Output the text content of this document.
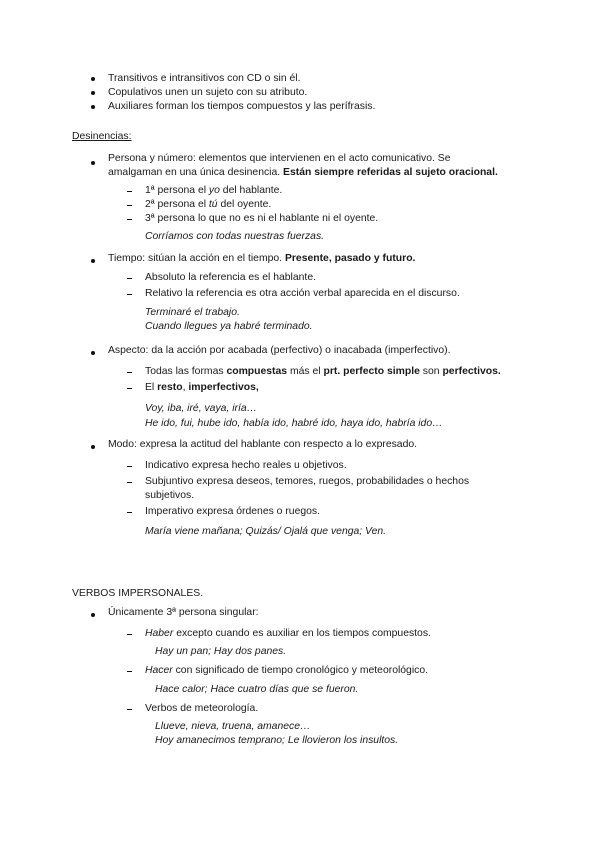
Transitivos e intransitivos con CD o sin él.
Copulativos unen un sujeto con su atributo.
Auxiliares forman los tiempos compuestos y las perífrasis.
Desinencias:
Persona y número: elementos que intervienen en el acto comunicativo. Se
amalgaman en una única desinencia. Están siempre referidas al sujeto oracional.
1ª persona el yo del hablante.
2ª persona el tú del oyente.
3ª persona lo que no es ni el hablante ni el oyente.
Corríamos con todas nuestras fuerzas.
Tiempo: sitúan la acción en el tiempo. Presente, pasado y futuro.
Absoluto la referencia es el hablante.
Relativo la referencia es otra acción verbal aparecida en el discurso.
Terminaré el trabajo.
Cuando llegues ya habré terminado.
Aspecto: da la acción por acabada (perfectivo) o inacabada (imperfectivo).
Todas las formas compuestas más el prt. perfecto simple son perfectivos.
El resto, imperfectivos,
Voy, iba, iré, vaya, iría…
He ido, fui, hube ido, había ido, habré ido, haya ido, habría ido…
Modo: expresa la actitud del hablante con respecto a lo expresado.
Indicativo expresa hecho reales u objetivos.
Subjuntivo expresa deseos, temores, ruegos, probabilidades o hechos
subjetivos.
Imperativo expresa órdenes o ruegos.
María viene mañana; Quizás/ Ojalá que venga; Ven.
VERBOS IMPERSONALES.
Únicamente 3ª persona singular:
Haber excepto cuando es auxiliar en los tiempos compuestos.
Hay un pan; Hay dos panes.
Hacer con significado de tiempo cronológico y meteorológico.
Hace calor; Hace cuatro días que se fueron.
Verbos de meteorología.
Llueve, nieva, truena, amanece…
Hoy amanecimos temprano; Le llovieron los insultos.
